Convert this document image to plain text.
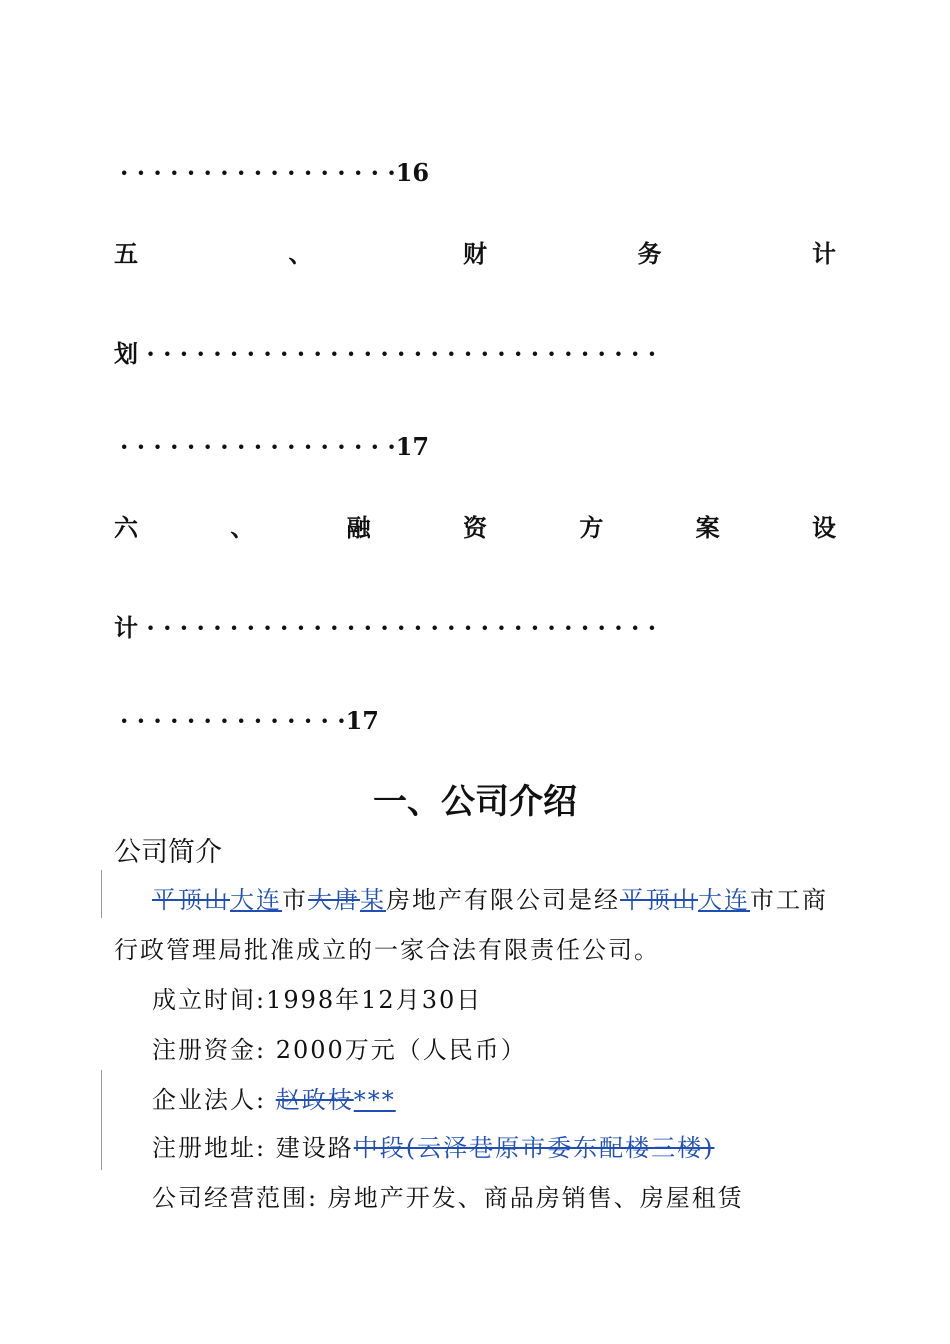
· · · · · · · · · · · · · · · · ·16
五	、	财	务	计
划 · · · · · · · · · · · · · · · · · · · · · · · · · · · · · · ·
· · · · · · · · · · · · · · · · ·17
六	、	融	资	方	案	设
计 · · · · · · · · · · · · · · · · · · · · · · · · · · · · · · ·
· · · · · · · · · · · · · ·17
一、公司介绍
公司简介
平顶山大连市大唐某房地产有限公司是经平顶山大连市工商
行政管理局批准成立的一家合法有限责任公司。
成立时间:1998年12月30日
注册资金: 2000万元（人民币）
企业法人: 赵政枝***
注册地址: 建设路中段(云泽巷原市委东配楼三楼)
公司经营范围: 房地产开发、商品房销售、房屋租赁
